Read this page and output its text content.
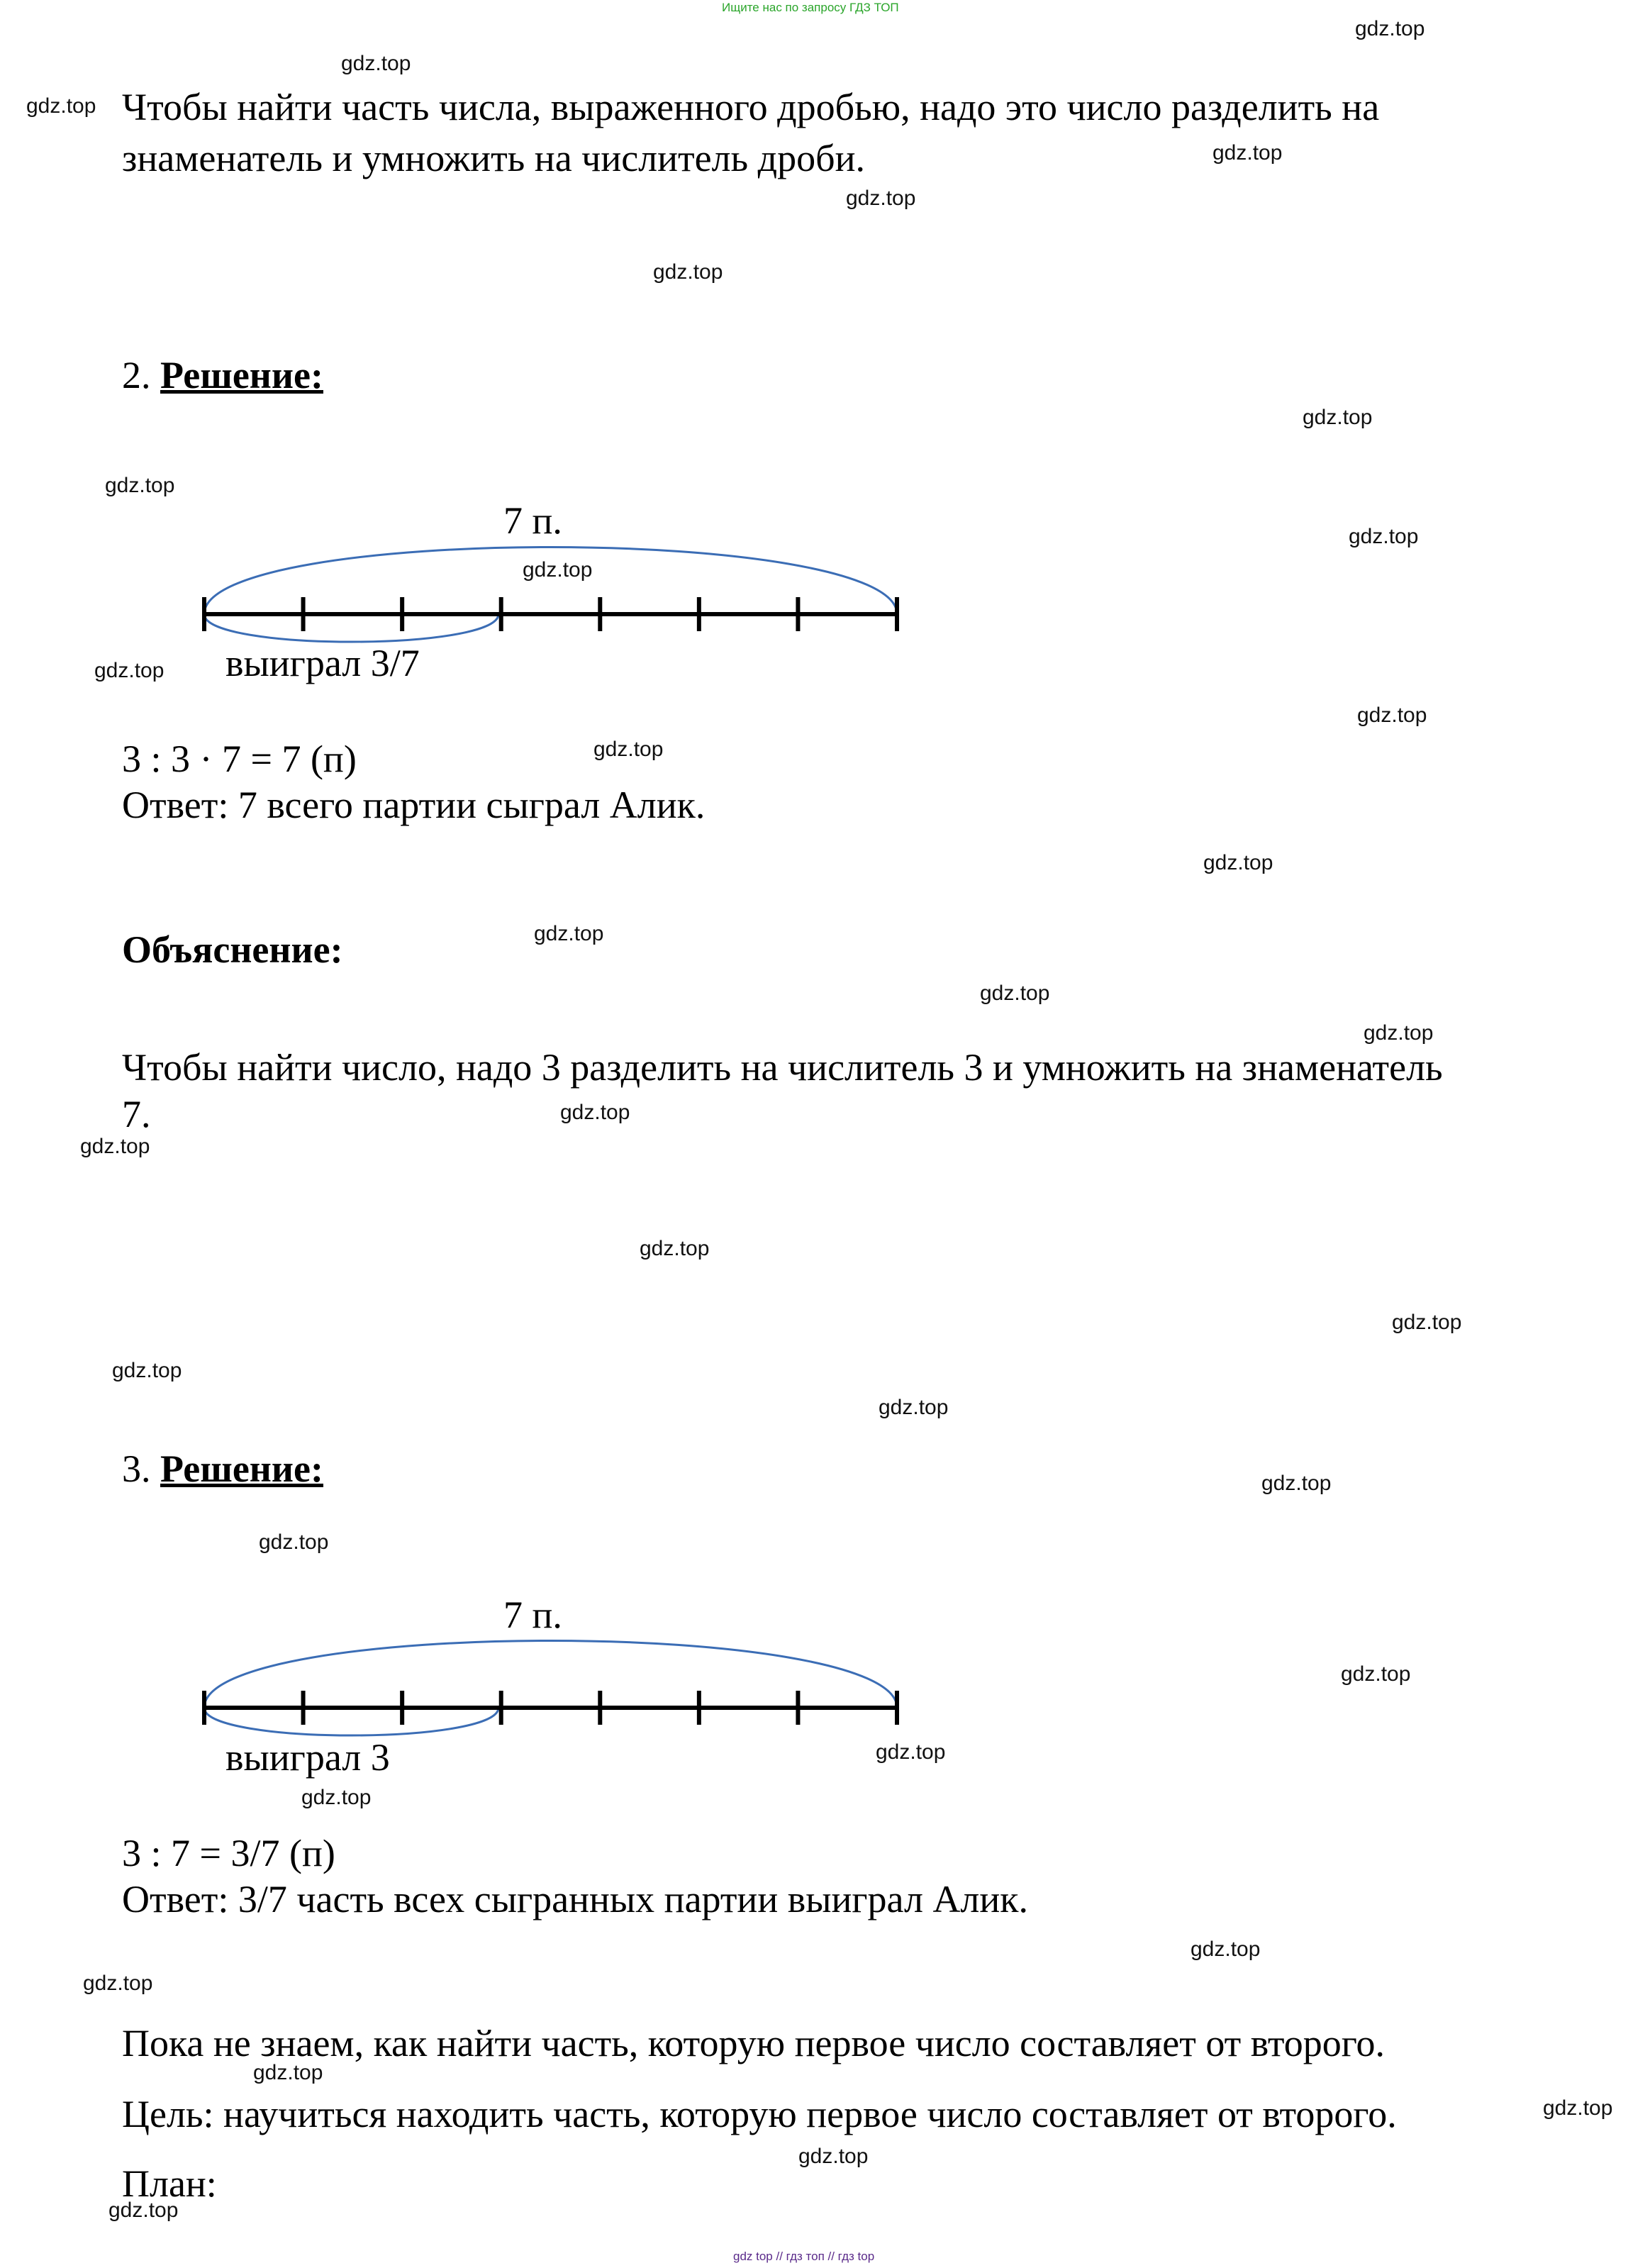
Ищите нас по запросу ГДЗ ТОП
Чтобы найти часть числа, выраженного дробью, надо это число разделить на
знаменатель и умножить на числитель дроби.
2. Решение:
7 п.
выиграл 3/7
3 : 3 · 7 = 7 (п)
Ответ: 7 всего партии сыграл Алик.
Объяснение:
Чтобы найти число, надо 3 разделить на числитель 3 и умножить на знаменатель
7.
3. Решение:
7 п.
выиграл 3
3 : 7 = 3/7 (п)
Ответ: 3/7 часть всех сыгранных партии выиграл Алик.
Пока не знаем, как найти часть, которую первое число составляет от второго.
Цель: научиться находить часть, которую первое число составляет от второго.
План:
gdz.top
gdz.top
gdz.top
gdz.top
gdz.top
gdz.top
gdz.top
gdz.top
gdz.top
gdz.top
gdz.top
gdz.top
gdz.top
gdz.top
gdz.top
gdz.top
gdz.top
gdz.top
gdz.top
gdz.top
gdz.top
gdz.top
gdz.top
gdz.top
gdz.top
gdz.top
gdz.top
gdz.top
gdz.top
gdz.top
gdz.top
gdz.top
gdz.top
gdz.top
gdz top // гдз топ // гдз top
